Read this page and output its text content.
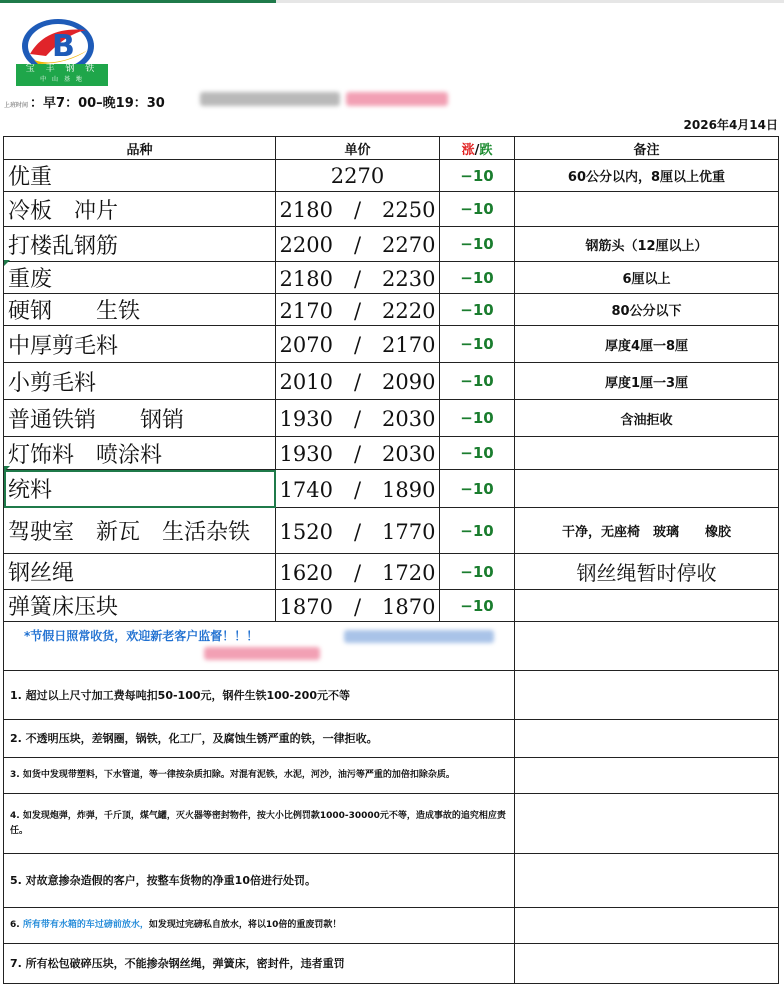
B
宝 丰 钢 铁
中 山 基 地
上班时间 ：早7：00–晚19：30
2026年4月14日
品种	单价	涨/跌	备注
优重	2270	−10	60公分以内，8厘以上优重
冷板　冲片	2180　/　2250	−10	
打楼乱钢筋	2200　/　2270	−10	钢筋头（12厘以上）
重废	2180　/　2230	−10	6厘以上
硬钢　　生铁	2170　/　2220	−10	80公分以下
中厚剪毛料	2070　/　2170	−10	厚度4厘一8厘
小剪毛料	2010　/　2090	−10	厚度1厘一3厘
普通铁销　　钢销	1930　/　2030	−10	含油拒收
灯饰料　喷涂料	1930　/　2030	−10	
统料	1740　/　1890	−10	
驾驶室　新瓦　生活杂铁	1520　/　1770	−10	干净，无座椅　玻璃　　橡胶
钢丝绳	1620　/　1720	−10	钢丝绳暂时停收
弹簧床压块	1870　/　1870	−10	

*节假日照常收货，欢迎新老客户监督！！！			

1. 超过以上尺寸加工费每吨扣50-100元，钢件生铁100-200元不等			
2. 不透明压块，差钢圈，锅铁，化工厂，及腐蚀生锈严重的铁，一律拒收。			
3. 如货中发现带塑料，下水管道，等一律按杂质扣除。对混有泥铁，水泥，河沙，油污等严重的加倍扣除杂质。			
4. 如发现炮弹，炸弹，千斤顶，煤气罐，灭火器等密封物件，按大小比例罚款1000-30000元不等，造成事故的追究相应责任。			
5. 对故意掺杂造假的客户，按整车货物的净重10倍进行处罚。			
6. 所有带有水箱的车过磅前放水，如发现过完磅私自放水，将以10倍的重废罚款！			
7. 所有松包破碎压块，不能掺杂钢丝绳，弹簧床，密封件，违者重罚			
